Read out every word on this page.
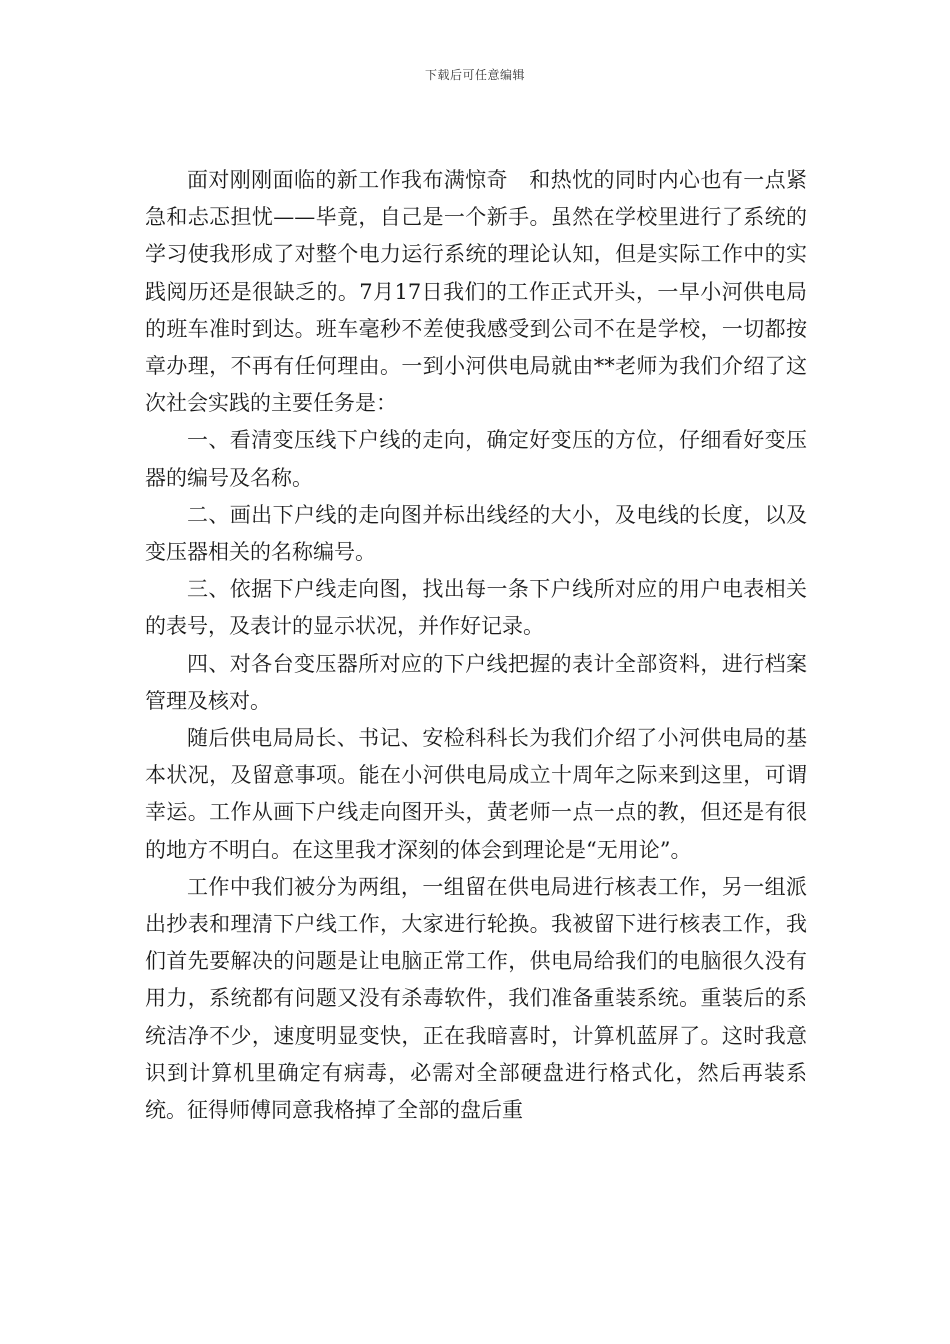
下载后可任意编辑

面对刚刚面临的新工作我布满惊奇　和热忱的同时内心也有一点紧急和忐忑担忧——毕竟，自己是一个新手。虽然在学校里进行了系统的学习使我形成了对整个电力运行系统的理论认知，但是实际工作中的实践阅历还是很缺乏的。7月17日我们的工作正式开头，一早小河供电局的班车准时到达。班车毫秒不差使我感受到公司不在是学校，一切都按章办理，不再有任何理由。一到小河供电局就由**老师为我们介绍了这次社会实践的主要任务是：

一、看清变压线下户线的走向，确定好变压的方位，仔细看好变压器的编号及名称。

二、画出下户线的走向图并标出线经的大小，及电线的长度，以及变压器相关的名称编号。

三、依据下户线走向图，找出每一条下户线所对应的用户电表相关的表号，及表计的显示状况，并作好记录。

四、对各台变压器所对应的下户线把握的表计全部资料，进行档案管理及核对。

随后供电局局长、书记、安检科科长为我们介绍了小河供电局的基本状况，及留意事项。能在小河供电局成立十周年之际来到这里，可谓幸运。工作从画下户线走向图开头，黄老师一点一点的教，但还是有很的地方不明白。在这里我才深刻的体会到理论是“无用论”。

工作中我们被分为两组，一组留在供电局进行核表工作，另一组派出抄表和理清下户线工作，大家进行轮换。我被留下进行核表工作，我们首先要解决的问题是让电脑正常工作，供电局给我们的电脑很久没有用力，系统都有问题又没有杀毒软件，我们准备重装系统。重装后的系统洁净不少，速度明显变快，正在我暗喜时，计算机蓝屏了。这时我意识到计算机里确定有病毒，必需对全部硬盘进行格式化，然后再装系统。征得师傅同意我格掉了全部的盘后重
